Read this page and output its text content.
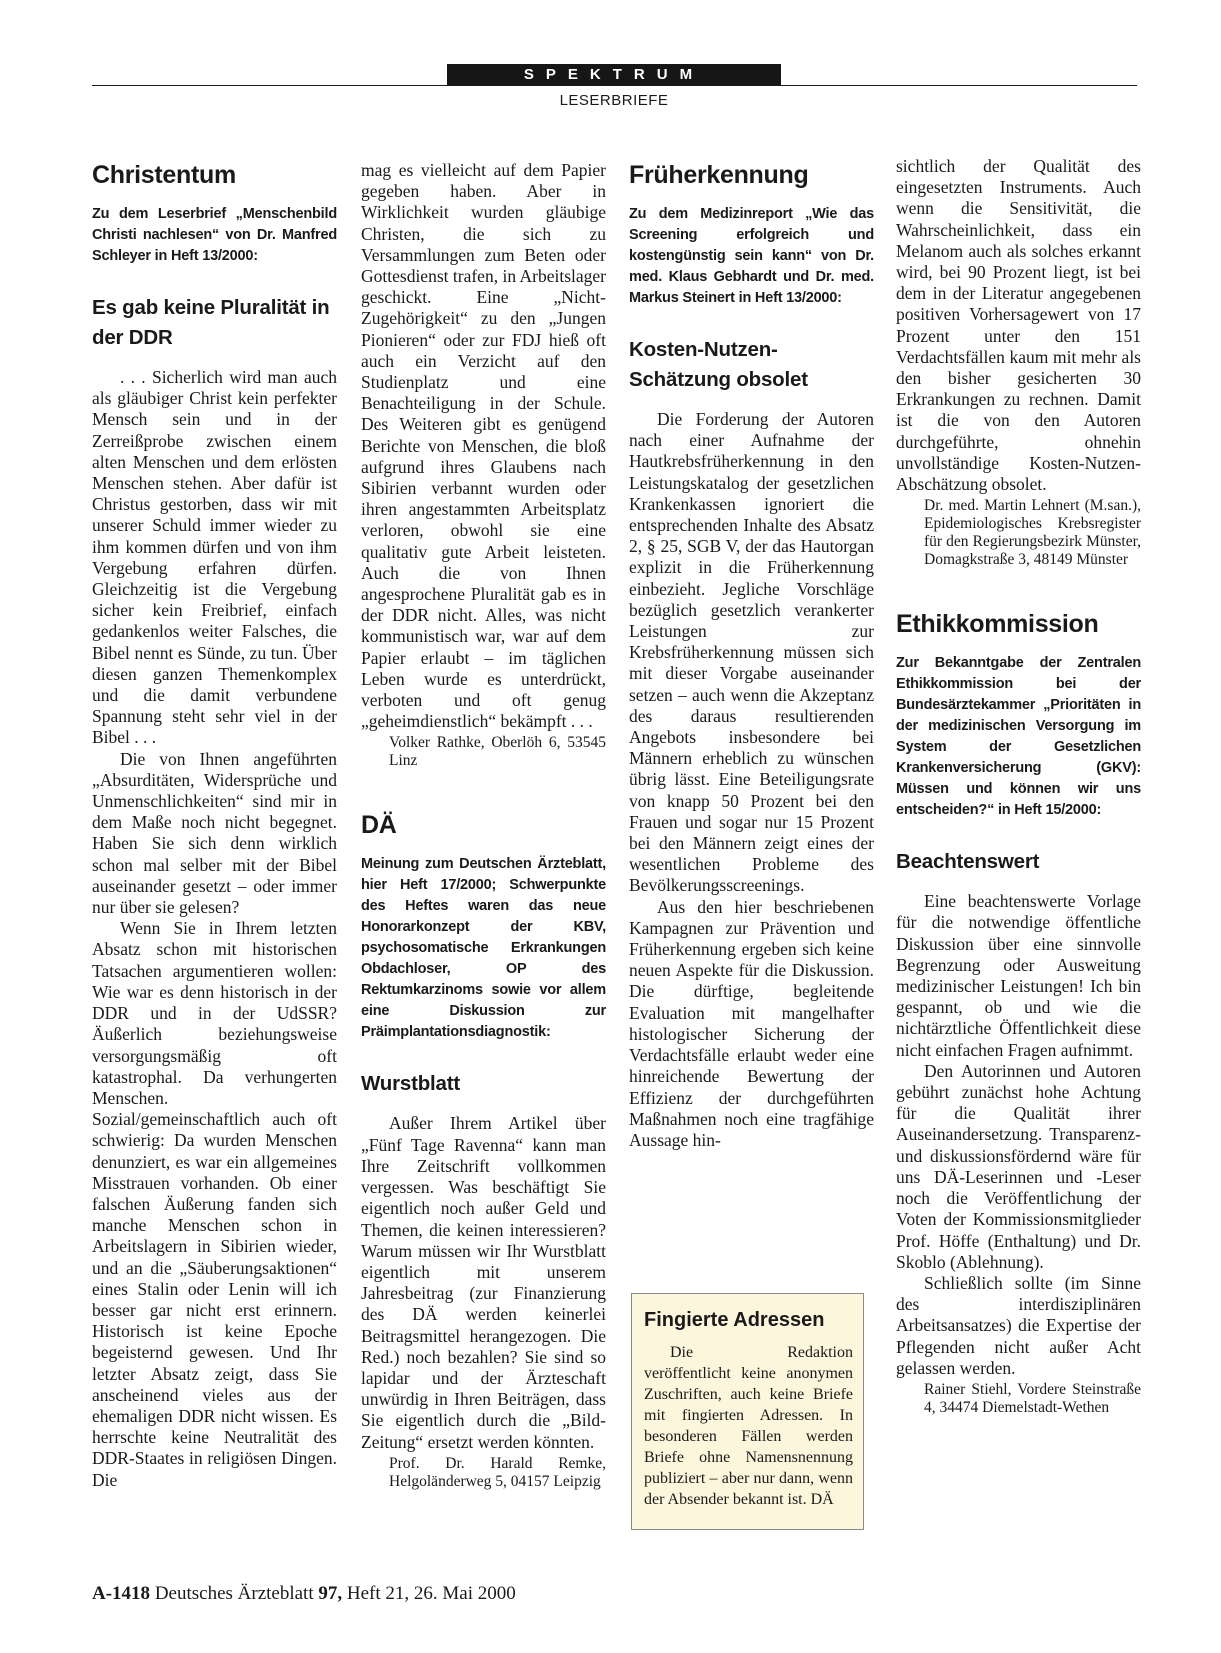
SPEKTRUM
LESERBRIEFE
Christentum
Zu dem Leserbrief „Menschenbild Christi nachlesen“ von Dr. Manfred Schleyer in Heft 13/2000:
Es gab keine Pluralität in der DDR

. . . Sicherlich wird man auch als gläubiger Christ kein perfekter Mensch sein und in der Zerreißprobe zwischen einem alten Menschen und dem erlösten Menschen stehen. Aber dafür ist Christus gestorben, dass wir mit unserer Schuld immer wieder zu ihm kommen dürfen und von ihm Vergebung erfahren dürfen. Gleichzeitig ist die Vergebung sicher kein Freibrief, einfach gedankenlos weiter Falsches, die Bibel nennt es Sünde, zu tun. Über diesen ganzen Themenkomplex und die damit verbundene Spannung steht sehr viel in der Bibel . . .

Die von Ihnen angeführten „Absurditäten, Widersprüche und Unmenschlichkeiten“ sind mir in dem Maße noch nicht begegnet. Haben Sie sich denn wirklich schon mal selber mit der Bibel auseinander gesetzt – oder immer nur über sie gelesen?

Wenn Sie in Ihrem letzten Absatz schon mit historischen Tatsachen argumentieren wollen: Wie war es denn historisch in der DDR und in der UdSSR? Äußerlich beziehungsweise versorgungsmäßig oft katastrophal. Da verhungerten Menschen. Sozial/gemeinschaftlich auch oft schwierig: Da wurden Menschen denunziert, es war ein allgemeines Misstrauen vorhanden. Ob einer falschen Äußerung fanden sich manche Menschen schon in Arbeitslagern in Sibirien wieder, und an die „Säuberungsaktionen“ eines Stalin oder Lenin will ich besser gar nicht erst erinnern. Historisch ist keine Epoche begeisternd gewesen. Und Ihr letzter Absatz zeigt, dass Sie anscheinend vieles aus der ehemaligen DDR nicht wissen. Es herrschte keine Neutralität des DDR-Staates in religiösen Dingen. Die

mag es vielleicht auf dem Papier gegeben haben. Aber in Wirklichkeit wurden gläubige Christen, die sich zu Versammlungen zum Beten oder Gottesdienst trafen, in Arbeitslager geschickt. Eine „Nicht-Zugehörigkeit“ zu den „Jungen Pionieren“ oder zur FDJ hieß oft auch ein Verzicht auf den Studienplatz und eine Benachteiligung in der Schule. Des Weiteren gibt es genügend Berichte von Menschen, die bloß aufgrund ihres Glaubens nach Sibirien verbannt wurden oder ihren angestammten Arbeitsplatz verloren, obwohl sie eine qualitativ gute Arbeit leisteten. Auch die von Ihnen angesprochene Pluralität gab es in der DDR nicht. Alles, was nicht kommunistisch war, war auf dem Papier erlaubt – im täglichen Leben wurde es unterdrückt, verboten und oft genug „geheimdienstlich“ bekämpft . . .

Volker Rathke, Oberlöh 6, 53545 Linz
DÄ
Meinung zum Deutschen Ärzteblatt, hier Heft 17/2000; Schwerpunkte des Heftes waren das neue Honorarkonzept der KBV, psychosomatische Erkrankungen Obdachloser, OP des Rektumkarzinoms sowie vor allem eine Diskussion zur Präimplantationsdiagnostik:
Wurstblatt

Außer Ihrem Artikel über „Fünf Tage Ravenna“ kann man Ihre Zeitschrift vollkommen vergessen. Was beschäftigt Sie eigentlich noch außer Geld und Themen, die keinen interessieren? Warum müssen wir Ihr Wurstblatt eigentlich mit unserem Jahresbeitrag (zur Finanzierung des DÄ werden keinerlei Beitragsmittel herangezogen. Die Red.) noch bezahlen? Sie sind so lapidar und der Ärzteschaft unwürdig in Ihren Beiträgen, dass Sie eigentlich durch die „Bild-Zeitung“ ersetzt werden könnten.

Prof. Dr. Harald Remke, Helgoländerweg 5, 04157 Leipzig
Früherkennung
Zu dem Medizinreport „Wie das Screening erfolgreich und kostengünstig sein kann“ von Dr. med. Klaus Gebhardt und Dr. med. Markus Steinert in Heft 13/2000:
Kosten-Nutzen-Schätzung obsolet

Die Forderung der Autoren nach einer Aufnahme der Hautkrebsfrüherkennung in den Leistungskatalog der gesetzlichen Krankenkassen ignoriert die entsprechenden Inhalte des Absatz 2, § 25, SGB V, der das Hautorgan explizit in die Früherkennung einbezieht. Jegliche Vorschläge bezüglich gesetzlich verankerter Leistungen zur Krebsfrüherkennung müssen sich mit dieser Vorgabe auseinander setzen – auch wenn die Akzeptanz des daraus resultierenden Angebots insbesondere bei Männern erheblich zu wünschen übrig lässt. Eine Beteiligungsrate von knapp 50 Prozent bei den Frauen und sogar nur 15 Prozent bei den Männern zeigt eines der wesentlichen Probleme des Bevölkerungsscreenings.

Aus den hier beschriebenen Kampagnen zur Prävention und Früherkennung ergeben sich keine neuen Aspekte für die Diskussion. Die dürftige, begleitende Evaluation mit mangelhafter histologischer Sicherung der Verdachtsfälle erlaubt weder eine hinreichende Bewertung der Effizienz der durchgeführten Maßnahmen noch eine tragfähige Aussage hin-

Fingierte Adressen

Die Redaktion veröffentlicht keine anonymen Zuschriften, auch keine Briefe mit fingierten Adressen. In besonderen Fällen werden Briefe ohne Namensnennung publiziert – aber nur dann, wenn der Absender bekannt ist. DÄ

sichtlich der Qualität des eingesetzten Instruments. Auch wenn die Sensitivität, die Wahrscheinlichkeit, dass ein Melanom auch als solches erkannt wird, bei 90 Prozent liegt, ist bei dem in der Literatur angegebenen positiven Vorhersagewert von 17 Prozent unter den 151 Verdachtsfällen kaum mit mehr als den bisher gesicherten 30 Erkrankungen zu rechnen. Damit ist die von den Autoren durchgeführte, ohnehin unvollständige Kosten-Nutzen-Abschätzung obsolet.

Dr. med. Martin Lehnert (M.san.), Epidemiologisches Krebsregister für den Regierungsbezirk Münster, Domagkstraße 3, 48149 Münster
Ethikkommission
Zur Bekanntgabe der Zentralen Ethikkommission bei der Bundesärztekammer „Prioritäten in der medizinischen Versorgung im System der Gesetzlichen Krankenversicherung (GKV): Müssen und können wir uns entscheiden?“ in Heft 15/2000:
Beachtenswert

Eine beachtenswerte Vorlage für die notwendige öffentliche Diskussion über eine sinnvolle Begrenzung oder Ausweitung medizinischer Leistungen! Ich bin gespannt, ob und wie die nichtärztliche Öffentlichkeit diese nicht einfachen Fragen aufnimmt.

Den Autorinnen und Autoren gebührt zunächst hohe Achtung für die Qualität ihrer Auseinandersetzung. Transparenz- und diskussionsfördernd wäre für uns DÄ-Leserinnen und -Leser noch die Veröffentlichung der Voten der Kommissionsmitglieder Prof. Höffe (Enthaltung) und Dr. Skoblo (Ablehnung).

Schließlich sollte (im Sinne des interdisziplinären Arbeitsansatzes) die Expertise der Pflegenden nicht außer Acht gelassen werden.

Rainer Stiehl, Vordere Steinstraße 4, 34474 Diemelstadt-Wethen
A-1418 Deutsches Ärzteblatt 97, Heft 21, 26. Mai 2000
